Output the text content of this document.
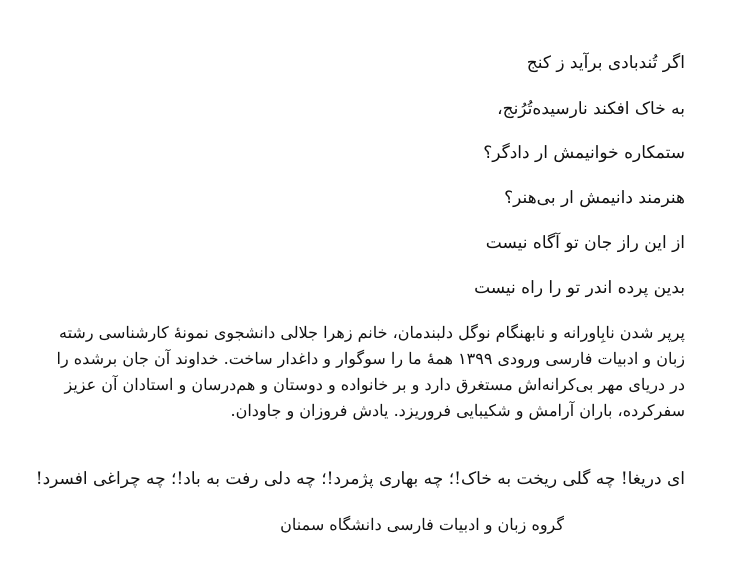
اگر تُندبادی برآید ز کنج
به خاک افکند نارسیده‌تُرُنج،
ستمکاره خوانیمش ار دادگر؟
هنرمند دانیمش ار بی‌هنر؟
از این راز جان تو آگاه نیست
بدین پرده اندر تو را راه نیست
پرپر شدن نابِاورانه و نابهنگام نوگل دلبندمان، خانم زهرا جلالی دانشجوی نمونهٔ کارشناسی رشته
زبان و ادبیات فارسی ورودی ۱۳۹۹ همهٔ ما را سوگوار و داغدار ساخت. خداوند آن جان برشده را
در دریای مهر بی‌کرانه‌اش مستغرق دارد و بر خانواده و دوستان و هم‌درسان و استادان آن عزیز
سفرکرده، باران آرامش و شکیبایی فروریزد. یادش فروزان و جاودان.
ای دریغا! چه گلی ریخت به خاک!؛ چه بهاری پژمرد!؛ چه دلی رفت به باد!؛ چه چراغی افسرد!
گروه زبان و ادبیات فارسی دانشگاه سمنان
